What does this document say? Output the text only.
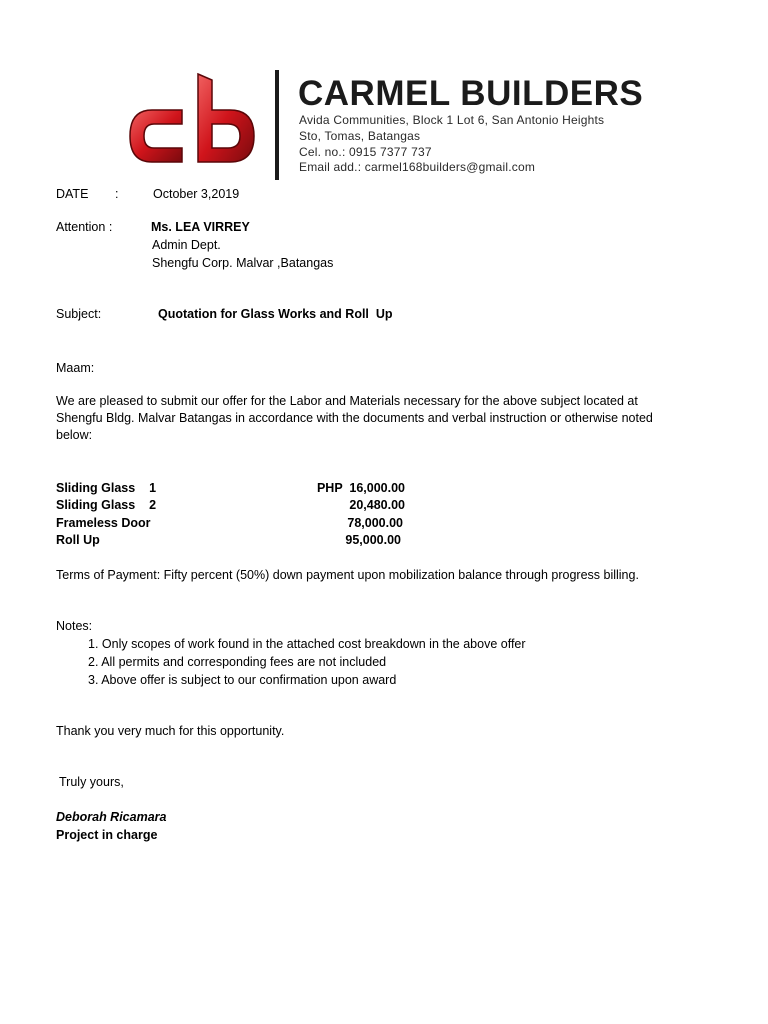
CARMEL BUILDERS
Avida Communities, Block 1 Lot 6, San Antonio Heights
Sto, Tomas, Batangas
Cel. no.: 0915 7377 737
Email add.: carmel168builders@gmail.com
DATE :	October 3,2019
Attention :	Ms. LEA VIRREY
Admin Dept.
Shengfu Corp. Malvar ,Batangas
Subject:	Quotation for Glass Works and Roll  Up
Maam:
We are pleased to submit our offer for the Labor and Materials necessary for the above subject located at Shengfu Bldg. Malvar Batangas in accordance with the documents and verbal instruction or otherwise noted below:
Sliding Glass    1	PHP  16,000.00
Sliding Glass    2	20,480.00
Frameless Door	78,000.00
Roll Up	95,000.00
Terms of Payment: Fifty percent (50%) down payment upon mobilization balance through progress billing.
Notes:
1. Only scopes of work found in the attached cost breakdown in the above offer
2. All permits and corresponding fees are not included
3. Above offer is subject to our confirmation upon award
Thank you very much for this opportunity.
Truly yours,
Deborah Ricamara
Project in charge
